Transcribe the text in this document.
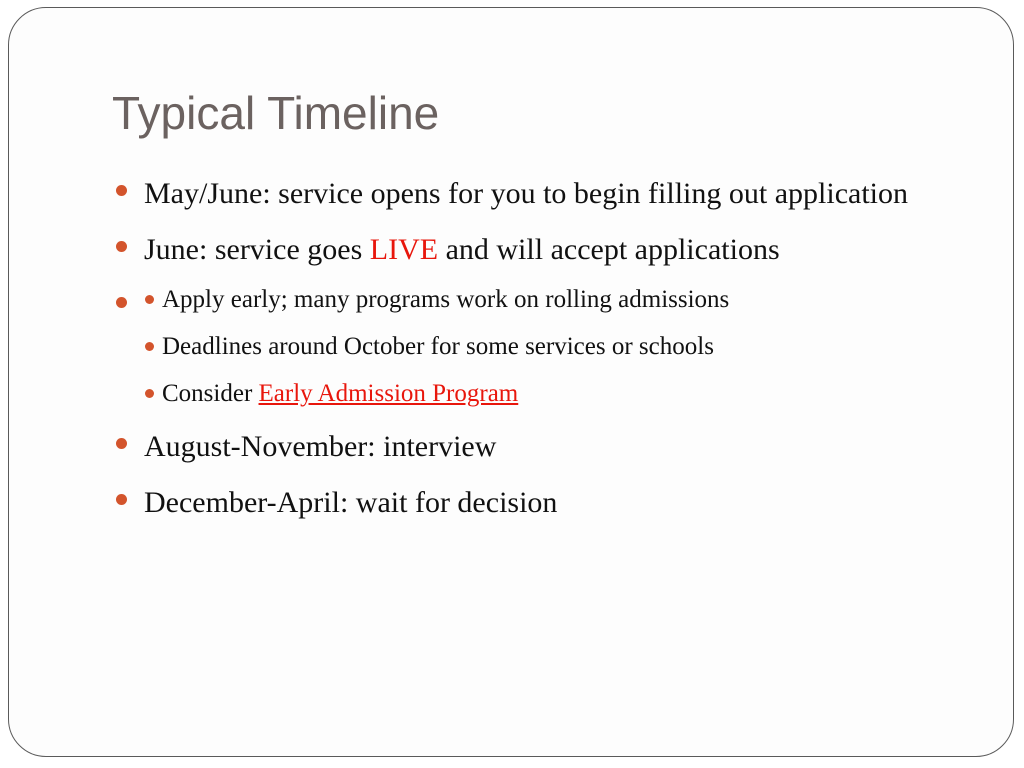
Typical Timeline
May/June: service opens for you to begin filling out application
June: service goes LIVE and will accept applications
Apply early; many programs work on rolling admissions
Deadlines around October for some services or schools
Consider Early Admission Program
August-November: interview
December-April: wait for decision
